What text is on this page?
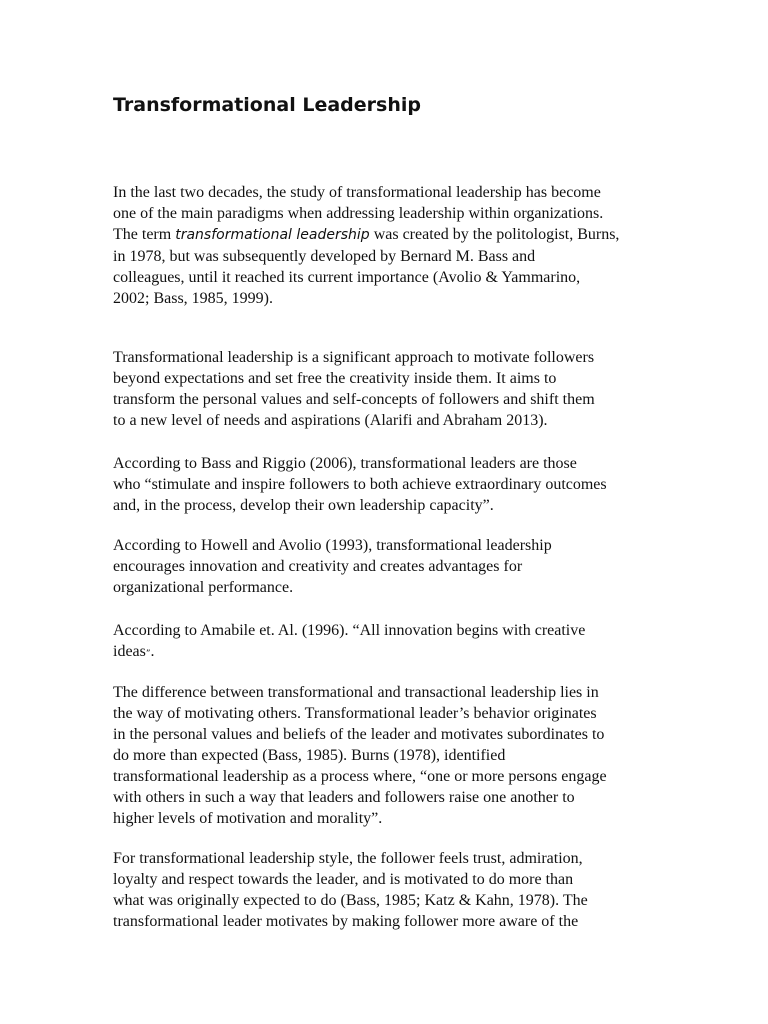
Transformational Leadership

In the last two decades, the study of transformational leadership has become
one of the main paradigms when addressing leadership within organizations.
The term transformational leadership was created by the politologist, Burns,
in 1978, but was subsequently developed by Bernard M. Bass and
colleagues, until it reached its current importance (Avolio & Yammarino,
2002; Bass, 1985, 1999).

Transformational leadership is a significant approach to motivate followers
beyond expectations and set free the creativity inside them. It aims to
transform the personal values and self-concepts of followers and shift them
to a new level of needs and aspirations (Alarifi and Abraham 2013).

According to Bass and Riggio (2006), transformational leaders are those
who “stimulate and inspire followers to both achieve extraordinary outcomes
and, in the process, develop their own leadership capacity”.

According to Howell and Avolio (1993), transformational leadership
encourages innovation and creativity and creates advantages for
organizational performance.

According to Amabile et. Al. (1996). “All innovation begins with creative
ideas”.

The difference between transformational and transactional leadership lies in
the way of motivating others. Transformational leader’s behavior originates
in the personal values and beliefs of the leader and motivates subordinates to
do more than expected (Bass, 1985). Burns (1978), identified
transformational leadership as a process where, “one or more persons engage
with others in such a way that leaders and followers raise one another to
higher levels of motivation and morality”.

For transformational leadership style, the follower feels trust, admiration,
loyalty and respect towards the leader, and is motivated to do more than
what was originally expected to do (Bass, 1985; Katz & Kahn, 1978). The
transformational leader motivates by making follower more aware of the
